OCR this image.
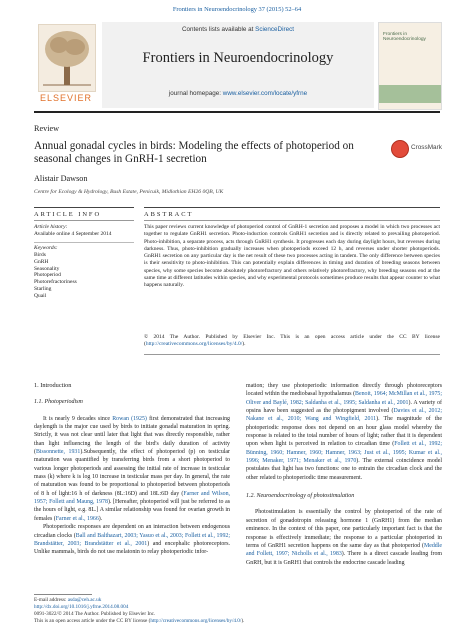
Frontiers in Neuroendocrinology 37 (2015) 52–64
ELSEVIER
Contents lists available at ScienceDirect
Frontiers in Neuroendocrinology
journal homepage: www.elsevier.com/locate/yfrne
Frontiers in Neuroendocrinology
Review
Annual gonadal cycles in birds: Modeling the effects of photoperiod on seasonal changes in GnRH-1 secretion
CrossMark
Alistair Dawson
Centre for Ecology & Hydrology, Bush Estate, Penicuik, Midlothian EH26 0QB, UK
ARTICLE INFO
Article history:
Available online 4 September 2014
Keywords:
Birds
GnRH
Seasonality
Photoperiod
Photorefractoriness
Starling
Quail
ABSTRACT
This paper reviews current knowledge of photoperiod control of GnRH-1 secretion and proposes a model in which two processes act together to regulate GnRH1 secretion. Photo-induction controls GnRH1 secretion and is directly related to prevailing photoperiod. Photo-inhibition, a separate process, acts through GnRH1 synthesis. It progresses each day during daylight hours, but reverses during darkness. Thus, photo-inhibition gradually increases when photoperiods exceed 12 h, and reverses under shorter photoperiods. GnRH1 secretion on any particular day is the net result of these two processes acting in tandem. The only difference between species is their sensitivity to photo-inhibition. This can potentially explain differences in timing and duration of breeding seasons between species, why some species become absolutely photorefractory and others relatively photorefractory, why breeding seasons end at the same time at different latitudes within species, and why experimental protocols sometimes produce results that appear counter to what happens naturally.
© 2014 The Author. Published by Elsevier Inc. This is an open access article under the CC BY license (http://creativecommons.org/licenses/by/4.0/).
1. Introduction
1.1. Photoperiodism

It is nearly 9 decades since Rowan (1925) first demonstrated that increasing daylength is the major cue used by birds to initiate gonadal maturation in spring. Strictly, it was not clear until later that light that was directly responsible, rather than light influencing the length of the bird's daily duration of activity (Bissonnette, 1931).Subsequently, the effect of photoperiod (p) on testicular maturation was quantified by transferring birds from a short photoperiod to various longer photoperiods and assessing the initial rate of increase in testicular mass (k) where k is log 10 increase in testicular mass per day. In general, the rate of maturation was found to be proportional to photoperiod between photoperiods of 8 h of light:16 h of darkness (8L:16D) and 18L:6D day (Farner and Wilson, 1957; Follett and Maung, 1978). [Hereafter, photoperiod will just be referred to as the hours of light, e.g. 8L.] A similar relationship was found for ovarian growth in females (Farner et al., 1966).

Photoperiodic responses are dependent on an interaction between endogenous circadian clocks (Ball and Balthazart, 2003; Yasuo et al., 2003; Follett et al., 1992; Brandstätter, 2003; Brandstätter et al., 2001) and encephalic photoreceptors. Unlike mammals, birds do not use melatonin to relay photoperiodic infor-

mation; they use photoperiodic information directly through photoreceptors located within the mediobasal hypothalamus (Benoit, 1964; McMillan et al., 1975; Oliver and Baylé, 1982; Saldanha et al., 1995; Saldanha et al., 2001). A variety of opsins have been suggested as the photopigment involved (Davies et al., 2012; Nakane et al., 2010; Wang and Wingfield, 2011). The magnitude of the photoperiodic response does not depend on an hour glass model whereby the response is related to the total number of hours of light; rather that it is dependent upon when light is perceived in relation to circadian time (Follett et al., 1992; Bünning, 1960; Hamner, 1960; Hamner, 1963; Just et al., 1995; Kumar et al., 1996; Menaker, 1971; Menaker et al., 1970). The external coincidence model postulates that light has two functions: one to entrain the circadian clock and the other related to photoperiodic time measurement.

1.2. Neuroendocrinology of photostimulation

Photostimulation is essentially the control by photoperiod of the rate of secretion of gonadotropin releasing hormone 1 (GnRH1) from the median eminence. In the context of this paper, one particularly important fact is that the response is effectively immediate; the response to a particular photoperiod in terms of GnRH1 secretion happens on the same day as that photoperiod (Meddle and Follett, 1997; Nicholls et al., 1983). There is a direct cascade leading from GnRH, but it is GnRH1 that controls the endocrine cascade leading

E-mail address: asda@ceh.ac.uk
http://dx.doi.org/10.1016/j.yfrne.2014.08.004
0091-3022/© 2014 The Author. Published by Elsevier Inc.
This is an open access article under the CC BY license (http://creativecommons.org/licenses/by/4.0/).
